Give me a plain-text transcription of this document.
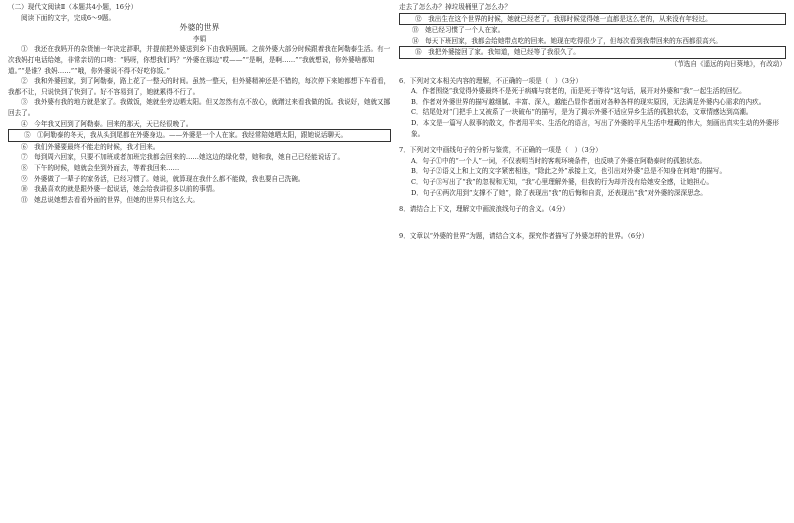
（二）现代文阅读Ⅱ（本题共4小题，16分）

阅读下面的文字，完成6～9题。

外婆的世界

李娟

①　我还在我妈开的杂货铺一年决定辞职，并提前把外婆送到乡下由我妈照顾。之前外婆大部分时候跟着我在阿勒泰生活。有一次我妈打电话给她，非常亲切的口吻：“妈呀，你想我们吗？”外婆在那边“哎——”“是啊，是啊……”“我就想说，你外婆啥都知道。”“是谁？我妈……”“哦，你外婆说不得不好吃你饭。”

②　我和外婆回家，到了阿勒泰，路上花了一整天的时间。虽然一整天，但外婆精神还是不错的，每次停下来她都想下车看看，我都不让，只说快到了快到了。好不容易到了，她就累得不行了。

③　我外婆有我的地方就是家了。我做饭，她就坐旁边晒太阳。但又忽然有点不放心，就蹭过来看我做的饭。我说好，她就又挪回去了。

④　今年我又回到了阿勒泰。回来的那天，天已经很晚了。

⑤　①阿勒泰的冬天，我从头到尾都在外婆身边。——外婆是一个人在家。我经常陪她晒太阳，跟她说话聊天。

⑥　我们外婆要最终不能走的时候，我才回来。

⑦　每到周六回家，只要不加班或者加班完我都会回来的……她这边的绿化带，她和我，她自己已经能说话了。

⑧　下午的时候，她就会坐到外面去，等着我回来……

⑨　外婆做了一辈子的家务活，已经习惯了。她说，就算现在我什么都不能做，我也要自己洗碗。

⑩　我最喜欢的就是跟外婆一起说话，她会给我讲很多以前的事情。

⑪　她总说她想去看看外面的世界，但她的世界只有这么大。

走去了怎么办？掉垃圾桶里了怎么办？

⑫　我出生在这个世界的时候，她就已经老了。我那时候觉得她一直都是这么老的，从来没有年轻过。

⑬　她已经习惯了一个人在家。

⑭　每天下班回家，我都会给她带点吃的回来。她现在吃得很少了，但每次看到我带回来的东西都很高兴。

⑮　我把外婆接回了家。我知道，她已经等了我很久了。

（节选自《遥远的向日葵地》，有改动）

6．下列对文本相关内容的理解，不正确的一项是（　）（3分）

A．作者围绕“我觉得外婆最终不是死于病痛与衰老的，而是死于等待”这句话，展开对外婆和“我”一起生活的回忆。

B．作者对外婆世界的描写越细腻、丰富、深入，越能凸显作者面对各种各样的现实原因，无法满足外婆内心需求的内疚。

C．结尾处对“门把手上又被系了一块破布”的描写，是为了揭示外婆不适应异乡生活的孤独状态，文章情感达到高潮。

D．本文是一篇写人叙事的散文，作者用平实、生活化的语言，写出了外婆的平凡生活中埋藏的伟大，刻画出真实生动的外婆形象。

7．下列对文中画线句子的分析与鉴赏，不正确的一项是（　）（3分）

A．句子①中的“一个人”一词，不仅表明当时的客观环境条件，也反映了外婆在阿勒泰时的孤独状态。

B．句子②语义上和上文的文字紧密相连，“除此之外”承接上文，也引出对外婆“总是不知身在何地”的描写。

C．句子③写出了“我”的忽视和无知，“我”心里理解外婆，但我的行为却并没有给她安全感，让她担心。

D．句子④两次用到“支撑不了她”，除了表现出“我”的后悔和自责，还表现出“我”对外婆的深深思念。

8．请结合上下文，理解文中画波浪线句子的含义。（4分）

9．文章以“外婆的世界”为题，请结合文本，探究作者描写了外婆怎样的世界。（6分）
